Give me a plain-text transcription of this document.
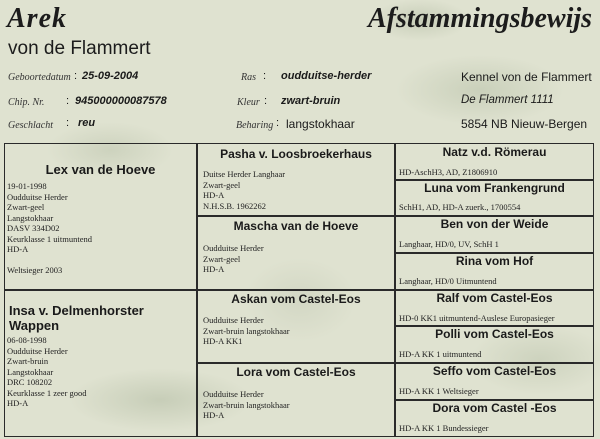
Arek
von de Flammert
Afstammingsbewijs
Geboortedatum : 25-09-2004
Chip. Nr. : 945000000087578
Geschlacht : reu
Ras : oudduitse-herder
Kleur : zwart-bruin
Beharing : langstokhaar
Kennel von de Flammert
De Flammert 1111
5854 NB Nieuw-Bergen
Lex van de Hoeve
19-01-1998
Oudduitse Herder
Zwart-geel
Langstokhaar
DASV 334D02
Keurklasse 1 uitmuntend
HD-A
Weltsieger 2003
Insa v. Delmenhorster Wappen
06-08-1998
Oudduitse Herder
Zwart-bruin
Langstokhaar
DRC 108202
Keurklasse 1 zeer good
HD-A
Pasha v. Loosbroekerhaus
Duitse Herder Langhaar
Zwart-geel
HD-A
N.H.S.B. 1962262
Mascha van de Hoeve
Oudduitse Herder
Zwart-geel
HD-A
Askan vom Castel-Eos
Oudduitse Herder
Zwart-bruin langstokhaar
HD-A KK1
Lora vom Castel-Eos
Oudduitse Herder
Zwart-bruin langstokhaar
HD-A
Natz v.d. Römerau
HD-AschH3, AD, Z1806910
Luna vom Frankengrund
SchH1, AD, HD-A zuerk., 1700554
Ben von der Weide
Langhaar, HD/0, UV, SchH 1
Rina vom Hof
Langhaar, HD/0 Uitmuntend
Ralf vom Castel-Eos
HD-0 KK1 uitmuntend-Auslese Europasieger
Polli vom Castel-Eos
HD-A KK 1 uitmuntend
Seffo vom Castel-Eos
HD-A KK 1 Weltsieger
Dora vom Castel -Eos
HD-A KK 1 Bundessieger
